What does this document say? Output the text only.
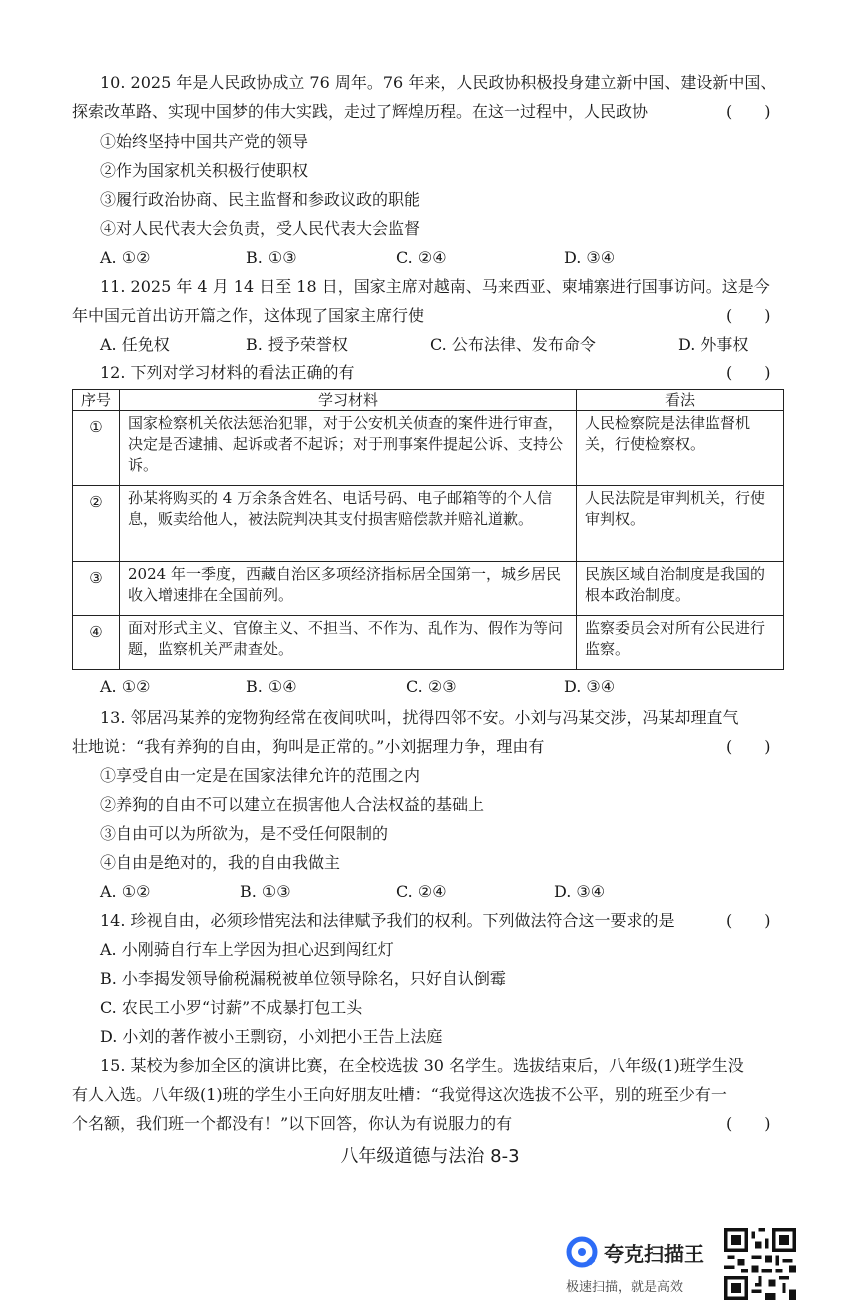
10. 2025 年是人民政协成立 76 周年。76 年来，人民政协积极投身建立新中国、建设新中国、
探索改革路、实现中国梦的伟大实践，走过了辉煌历程。在这一过程中，人民政协	(　　)
①始终坚持中国共产党的领导
②作为国家机关积极行使职权
③履行政治协商、民主监督和参政议政的职能
④对人民代表大会负责，受人民代表大会监督
A. ①②	B. ①③	C. ②④	D. ③④
11. 2025 年 4 月 14 日至 18 日，国家主席对越南、马来西亚、柬埔寨进行国事访问。这是今
年中国元首出访开篇之作，这体现了国家主席行使	(　　)
A. 任免权	B. 授予荣誉权	C. 公布法律、发布命令	D. 外事权
12. 下列对学习材料的看法正确的有	(　　)
序号	学习材料	看法
①	国家检察机关依法惩治犯罪，对于公安机关侦查的案件进行审查，决定是否逮捕、起诉或者不起诉；对于刑事案件提起公诉、支持公诉。	人民检察院是法律监督机关，行使检察权。
②	孙某将购买的 4 万余条含姓名、电话号码、电子邮箱等的个人信息，贩卖给他人，被法院判决其支付损害赔偿款并赔礼道歉。	人民法院是审判机关，行使审判权。
③	2024 年一季度，西藏自治区多项经济指标居全国第一，城乡居民收入增速排在全国前列。	民族区域自治制度是我国的根本政治制度。
④	面对形式主义、官僚主义、不担当、不作为、乱作为、假作为等问题，监察机关严肃查处。	监察委员会对所有公民进行监察。
A. ①②	B. ①④	C. ②③	D. ③④
13. 邻居冯某养的宠物狗经常在夜间吠叫，扰得四邻不安。小刘与冯某交涉，冯某却理直气
壮地说：“我有养狗的自由，狗叫是正常的。”小刘据理力争，理由有	(　　)
①享受自由一定是在国家法律允许的范围之内
②养狗的自由不可以建立在损害他人合法权益的基础上
③自由可以为所欲为，是不受任何限制的
④自由是绝对的，我的自由我做主
A. ①②	B. ①③	C. ②④	D. ③④
14. 珍视自由，必须珍惜宪法和法律赋予我们的权利。下列做法符合这一要求的是	(　　)
A. 小刚骑自行车上学因为担心迟到闯红灯
B. 小李揭发领导偷税漏税被单位领导除名，只好自认倒霉
C. 农民工小罗“讨薪”不成暴打包工头
D. 小刘的著作被小王剽窃，小刘把小王告上法庭
15. 某校为参加全区的演讲比赛，在全校选拔 30 名学生。选拔结束后，八年级(1)班学生没
有人入选。八年级(1)班的学生小王向好朋友吐槽：“我觉得这次选拔不公平，别的班至少有一
个名额，我们班一个都没有！”以下回答，你认为有说服力的有	(　　)
八年级道德与法治 8-3
夸克扫描王
极速扫描，就是高效
